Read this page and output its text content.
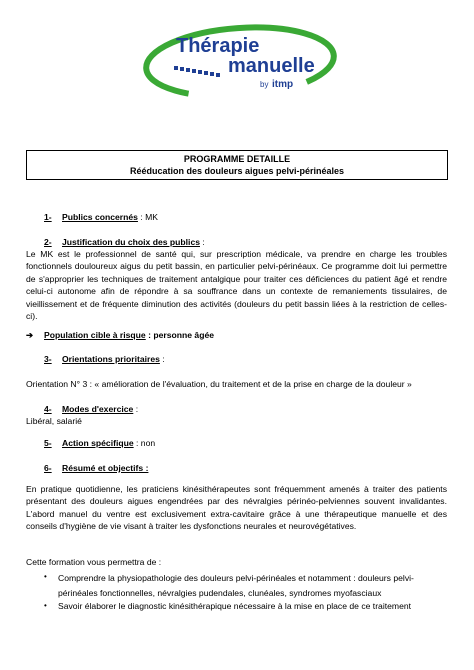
Thérapie
manuelle
by itmp
PROGRAMME DETAILLE
Rééducation des douleurs aigues pelvi-périnéales
1- Publics concernés : MK
2- Justification du choix des publics :
Le MK est le professionnel de santé qui, sur prescription médicale, va prendre en charge les troubles fonctionnels douloureux aigus du petit bassin, en particulier pelvi-périnéaux. Ce programme doit lui permettre de s'approprier les techniques de traitement antalgique pour traiter ces déficiences du patient âgé et rendre celui-ci autonome afin de répondre à sa souffrance dans un contexte de remaniements tissulaires, de vieillissement et de fréquente diminution des activités (douleurs du petit bassin liées à la restriction de celles-ci).
➔ Population cible à risque : personne âgée
3- Orientations prioritaires :
Orientation N° 3 : « amélioration de l'évaluation, du traitement et de la prise en charge de la douleur »
4- Modes d'exercice :
Libéral, salarié
5- Action spécifique : non
6- Résumé et objectifs :
En pratique quotidienne, les praticiens kinésithérapeutes sont fréquemment amenés à traiter des patients présentant des douleurs aigues engendrées par des névralgies périnéo-pelviennes souvent invalidantes. L'abord manuel du ventre est exclusivement extra-cavitaire grâce à une thérapeutique manuelle et des conseils d'hygiène de vie visant à traiter les dysfonctions neurales et neurovégétatives.
Cette formation vous permettra de :
• Comprendre la physiopathologie des douleurs pelvi-périnéales et notamment : douleurs pelvi-périnéales fonctionnelles, névralgies pudendales, clunéales, syndromes myofasciaux
• Savoir élaborer le diagnostic kinésithérapique nécessaire à la mise en place de ce traitement
